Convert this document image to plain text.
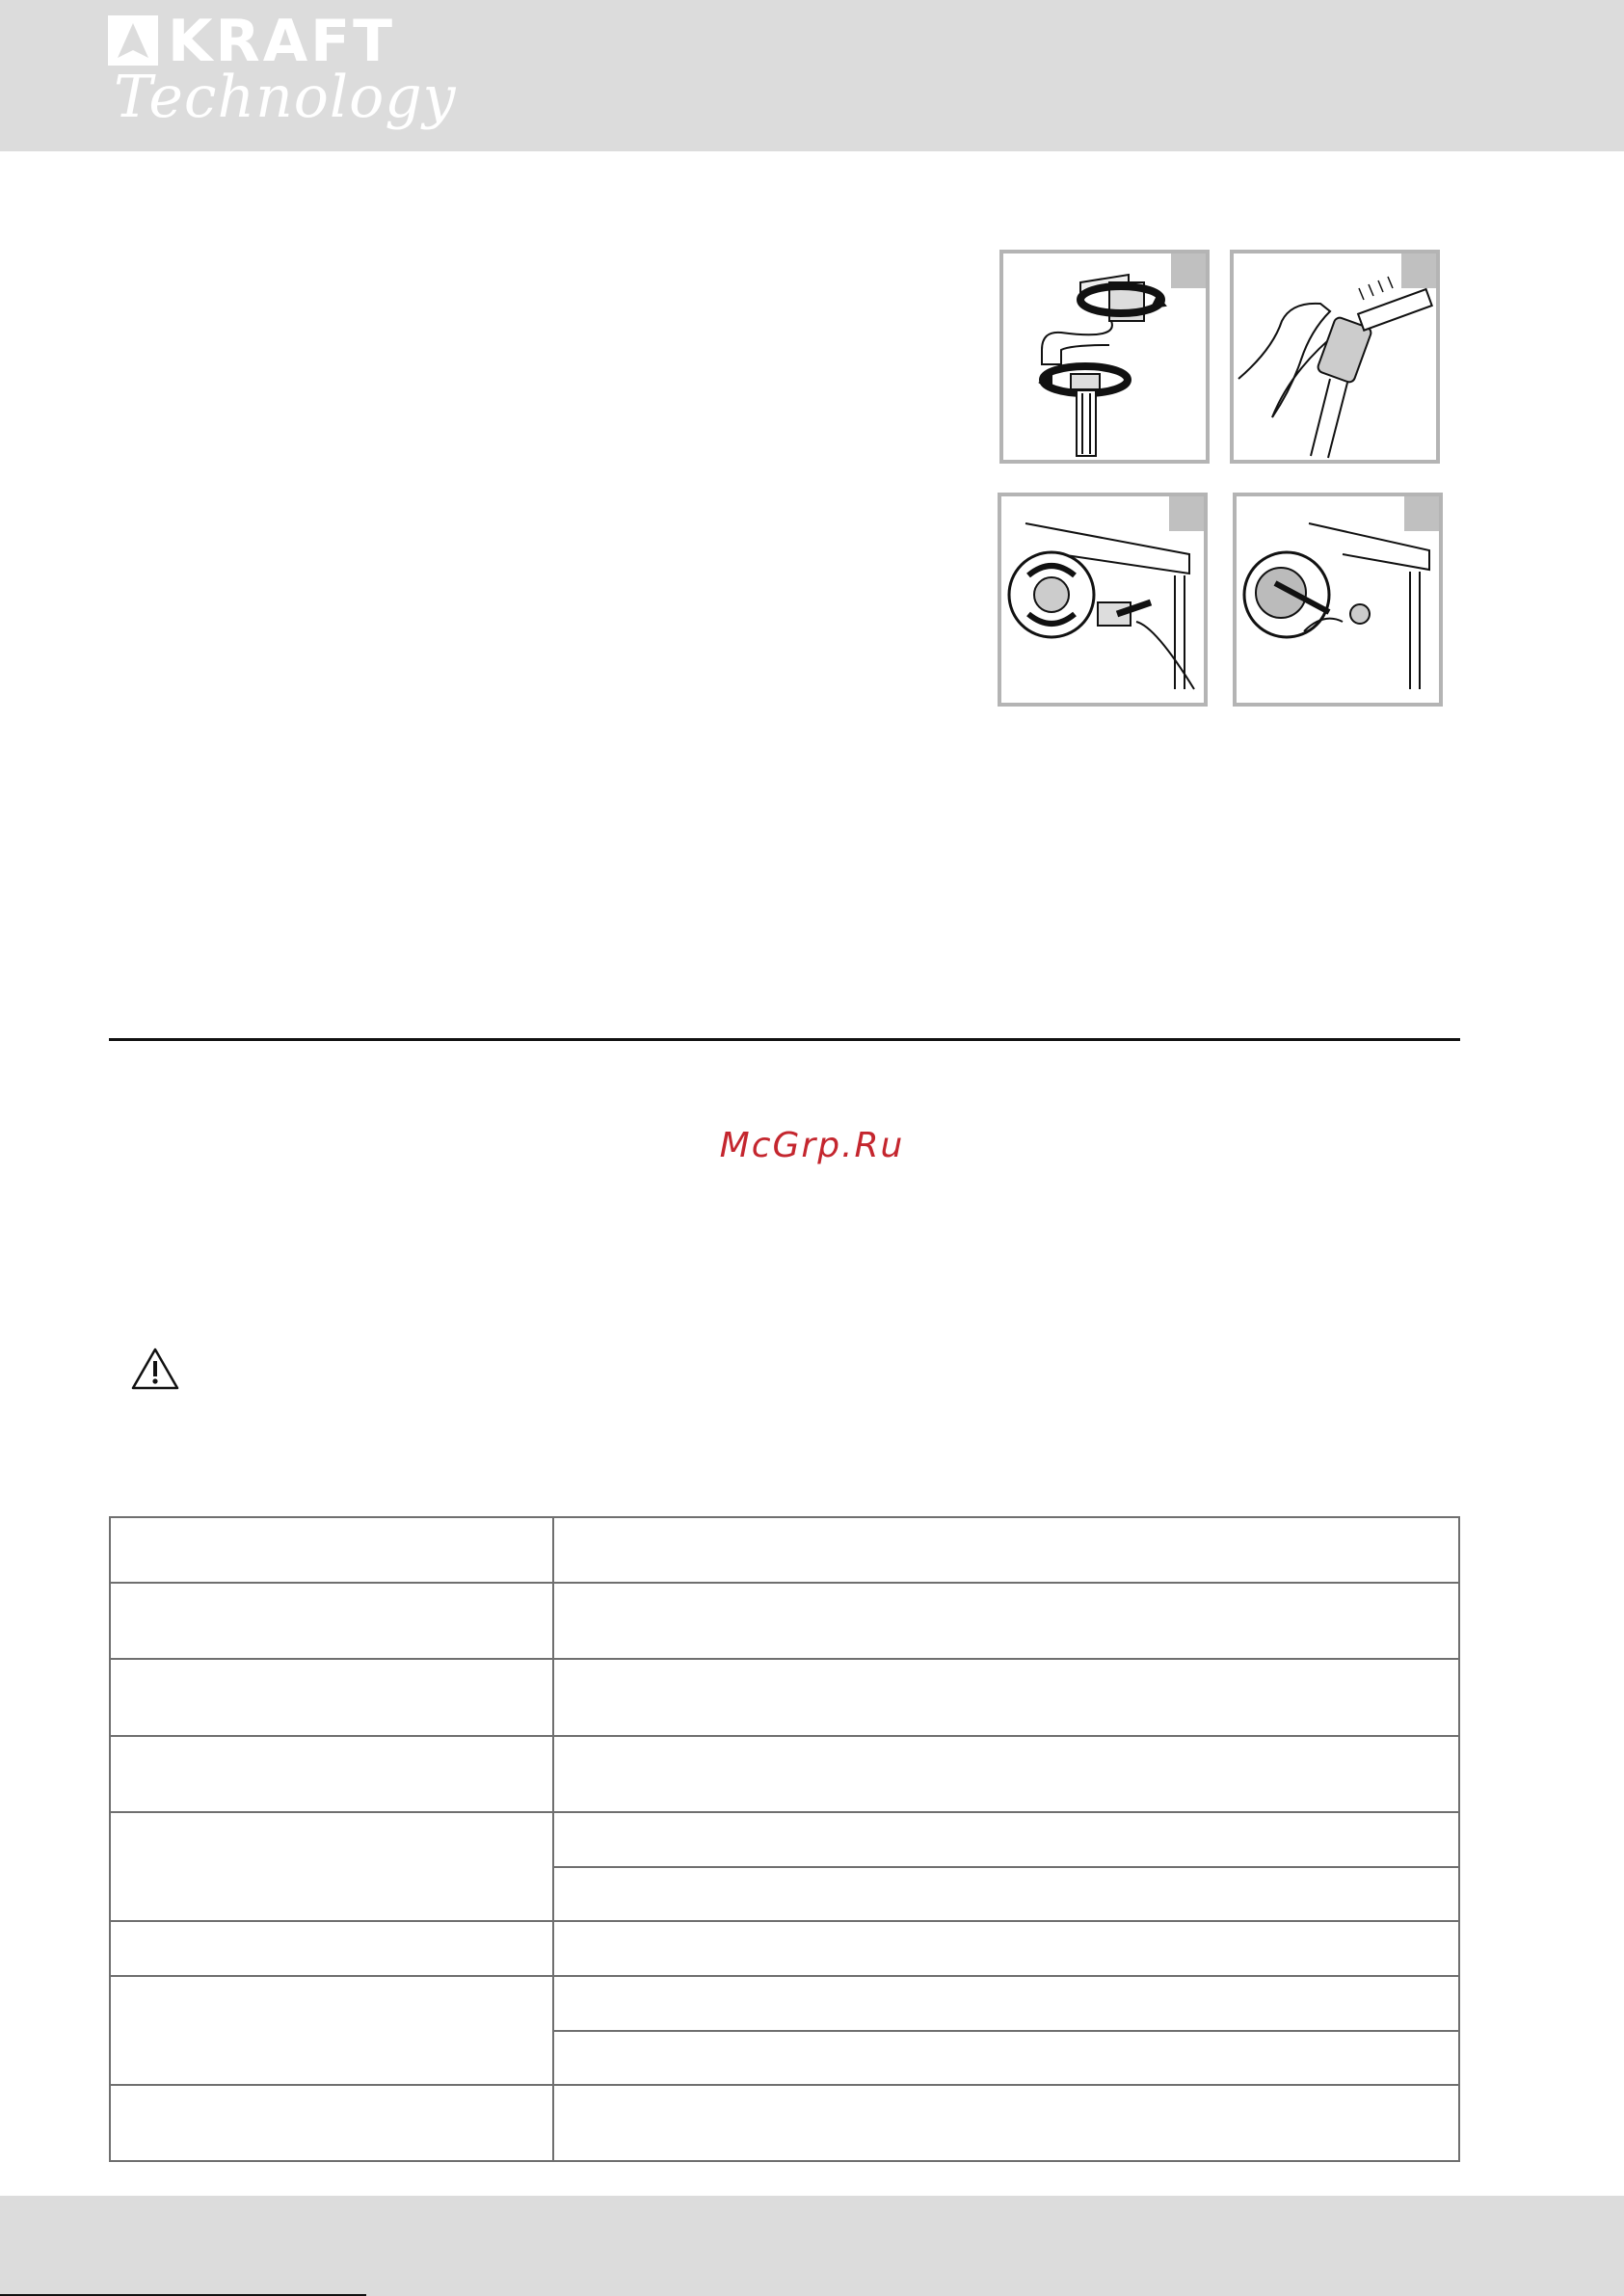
KRAFT
Technology
McGrp.Ru
